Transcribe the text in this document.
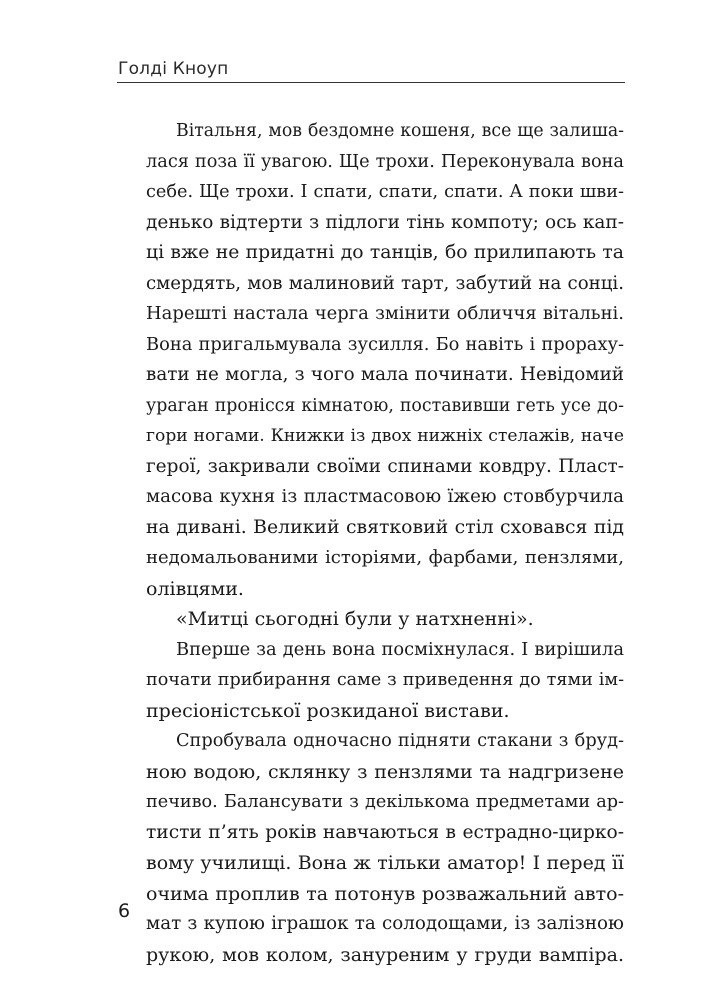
Голді Кноуп
Вітальня, мов бездомне кошеня, все ще залиша-
лася поза її увагою. Ще трохи. Переконувала вона
себе. Ще трохи. І спати, спати, спати. А поки шви-
денько відтерти з підлоги тінь компоту; ось кап-
ці вже не придатні до танців, бо прилипають та
смердять, мов малиновий тарт, забутий на сонці.
Нарешті настала черга змінити обличчя вітальні.
Вона пригальмувала зусилля. Бо навіть і прораху-
вати не могла, з чого мала починати. Невідомий
ураган пронісся кімнатою, поставивши геть усе до-
гори ногами. Книжки із двох нижніх стелажів, наче
герої, закривали своїми спинами ковдру. Пласт-
масова кухня із пластмасовою їжею стовбурчила
на дивані. Великий святковий стіл сховався під
недомальованими історіями, фарбами, пензлями,
олівцями.
«Митці сьогодні були у натхненні».
Вперше за день вона посміхнулася. І вирішила
почати прибирання саме з приведення до тями ім-
пресіоністської розкиданої вистави.
Спробувала одночасно підняти стакани з бруд-
ною водою, склянку з пензлями та надгризене
печиво. Балансувати з декількома предметами ар-
тисти п’ять років навчаються в естрадно-цирко-
вому училищі. Вона ж тільки аматор! І перед її
очима проплив та потонув розважальний авто-
мат з купою іграшок та солодощами, із залізною
рукою, мов колом, зануреним у груди вампіра.
6
